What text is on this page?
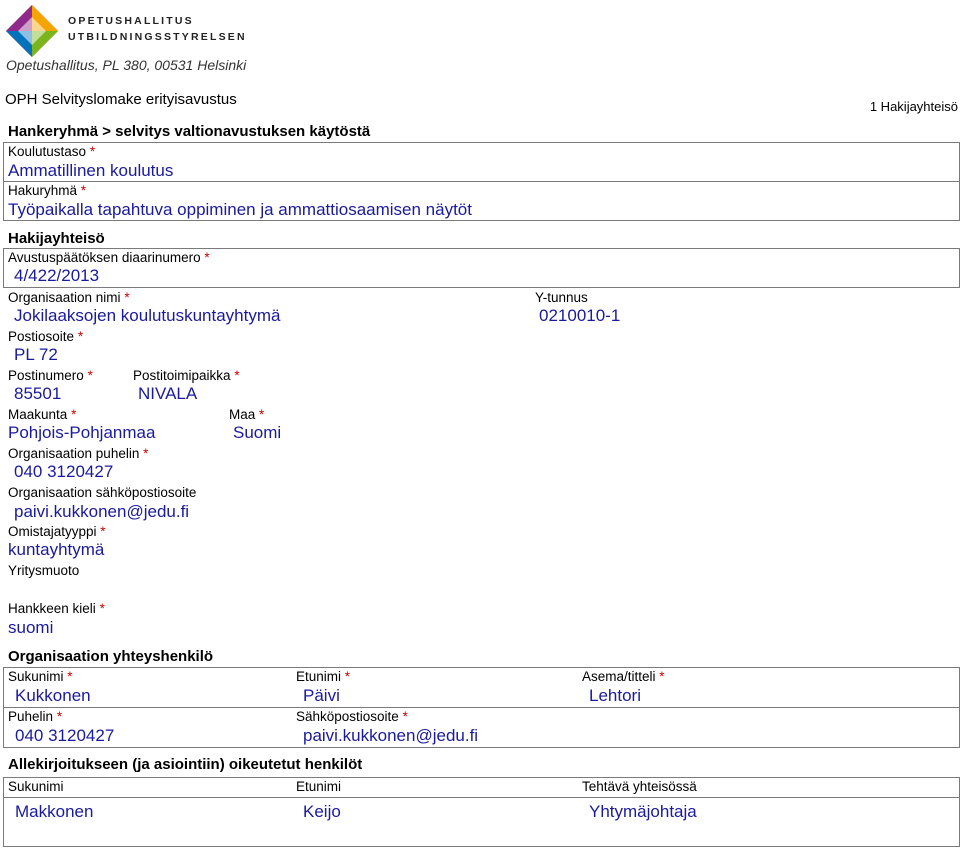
OPETUSHALLITUS
UTBILDNINGSSTYRELSEN
Opetushallitus, PL 380, 00531 Helsinki
OPH Selvityslomake erityisavustus	1 Hakijayhteisö
Hankeryhmä > selvitys valtionavustuksen käytöstä
Koulutustaso *
Ammatillinen koulutus
Hakuryhmä *
Työpaikalla tapahtuva oppiminen ja ammattiosaamisen näytöt
Hakijayhteisö
Avustuspäätöksen diaarinumero *
4/422/2013
Organisaation nimi *
Jokilaaksojen koulutuskuntayhtymä
Y-tunnus
0210010-1
Postiosoite *
PL 72
Postinumero *
85501
Postitoimipaikka *
NIVALA
Maakunta *
Pohjois-Pohjanmaa
Maa *
Suomi
Organisaation puhelin *
040 3120427
Organisaation sähköpostiosoite
paivi.kukkonen@jedu.fi
Omistajatyyppi *
kuntayhtymä
Yritysmuoto
Hankkeen kieli *
suomi
Organisaation yhteyshenkilö
Sukunimi *
Kukkonen
Etunimi *
Päivi
Asema/titteli *
Lehtori
Puhelin *
040 3120427
Sähköpostiosoite *
paivi.kukkonen@jedu.fi
Allekirjoitukseen (ja asiointiin) oikeutetut henkilöt
Sukunimi	Etunimi	Tehtävä yhteisössä
Makkonen	Keijo	Yhtymäjohtaja
